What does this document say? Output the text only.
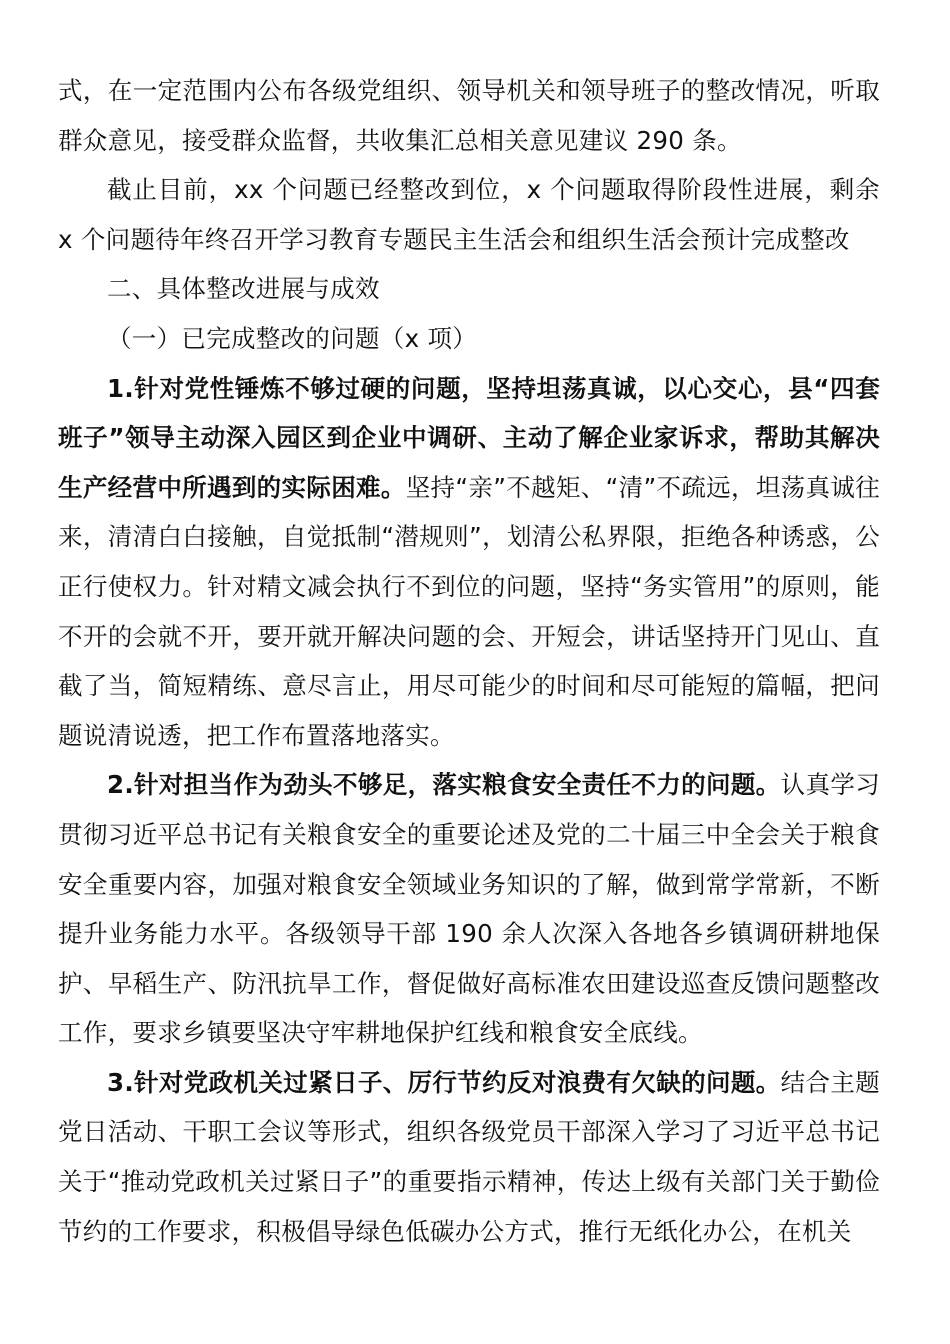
式，在一定范围内公布各级党组织、领导机关和领导班子的整改情况，听取群众意见，接受群众监督，共收集汇总相关意见建议 290 条。

截止目前，xx 个问题已经整改到位，x 个问题取得阶段性进展，剩余 x 个问题待年终召开学习教育专题民主生活会和组织生活会预计完成整改

二、具体整改进展与成效

（一）已完成整改的问题（x 项）

1.针对党性锤炼不够过硬的问题，坚持坦荡真诚，以心交心，县“四套班子”领导主动深入园区到企业中调研、主动了解企业家诉求，帮助其解决生产经营中所遇到的实际困难。坚持“亲”不越矩、“清”不疏远，坦荡真诚往来，清清白白接触，自觉抵制“潜规则”，划清公私界限，拒绝各种诱惑，公正行使权力。针对精文减会执行不到位的问题，坚持“务实管用”的原则，能不开的会就不开，要开就开解决问题的会、开短会，讲话坚持开门见山、直截了当，简短精练、意尽言止，用尽可能少的时间和尽可能短的篇幅，把问题说清说透，把工作布置落地落实。

2.针对担当作为劲头不够足，落实粮食安全责任不力的问题。认真学习贯彻习近平总书记有关粮食安全的重要论述及党的二十届三中全会关于粮食安全重要内容，加强对粮食安全领域业务知识的了解，做到常学常新，不断提升业务能力水平。各级领导干部 190 余人次深入各地各乡镇调研耕地保护、早稻生产、防汛抗旱工作，督促做好高标准农田建设巡查反馈问题整改工作，要求乡镇要坚决守牢耕地保护红线和粮食安全底线。

3.针对党政机关过紧日子、厉行节约反对浪费有欠缺的问题。结合主题党日活动、干职工会议等形式，组织各级党员干部深入学习了习近平总书记关于“推动党政机关过紧日子”的重要指示精神，传达上级有关部门关于勤俭节约的工作要求，积极倡导绿色低碳办公方式，推行无纸化办公，在机关
